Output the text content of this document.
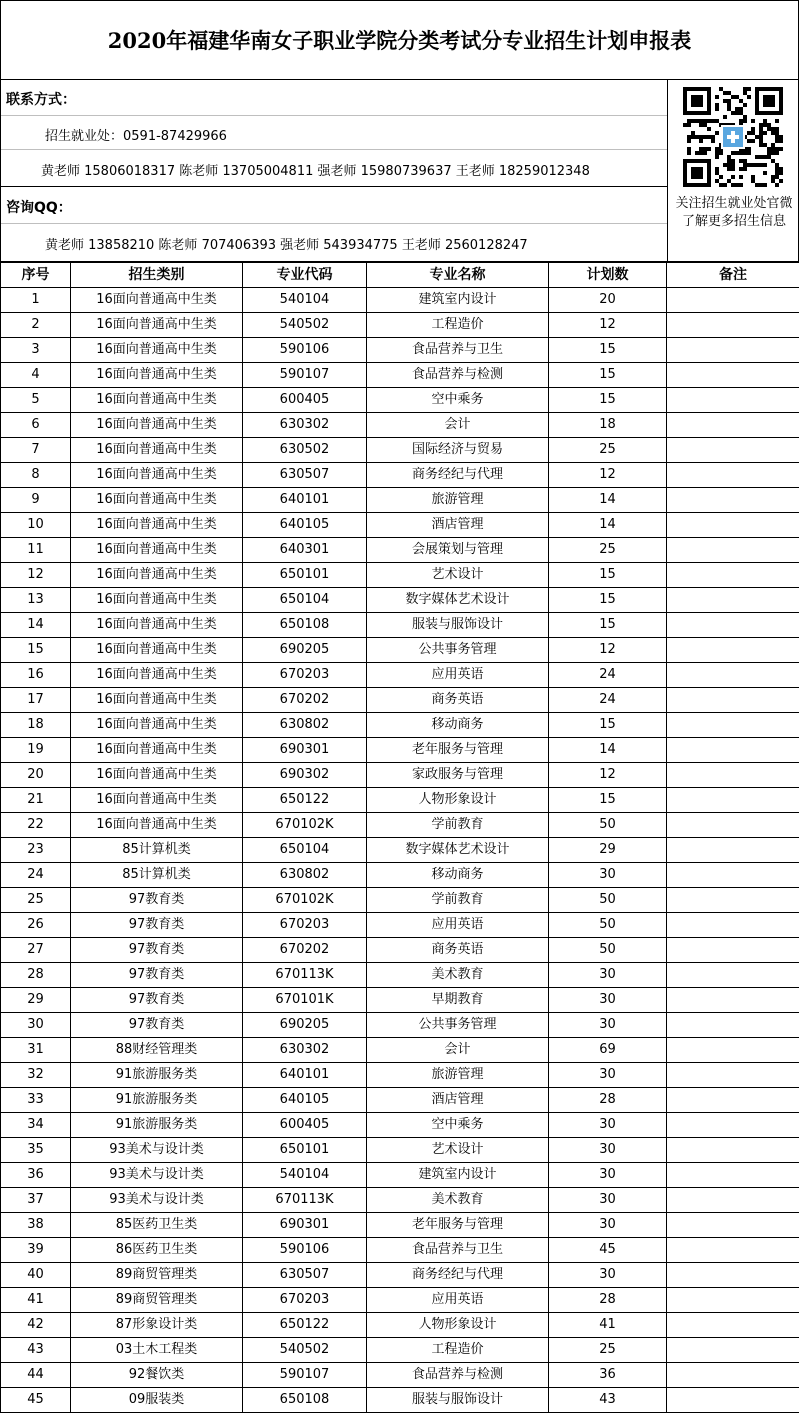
2020年福建华南女子职业学院分类考试分专业招生计划申报表
联系方式：
招生就业处：0591-87429966
黄老师 15806018317 陈老师 13705004811 强老师 15980739637 王老师 18259012348
咨询QQ：
黄老师 13858210 陈老师 707406393 强老师 543934775 王老师 2560128247
关注招生就业处官微了解更多招生信息
序号	招生类别	专业代码	专业名称	计划数	备注
1	16面向普通高中生类	540104	建筑室内设计	20	
2	16面向普通高中生类	540502	工程造价	12	
3	16面向普通高中生类	590106	食品营养与卫生	15	
4	16面向普通高中生类	590107	食品营养与检测	15	
5	16面向普通高中生类	600405	空中乘务	15	
6	16面向普通高中生类	630302	会计	18	
7	16面向普通高中生类	630502	国际经济与贸易	25	
8	16面向普通高中生类	630507	商务经纪与代理	12	
9	16面向普通高中生类	640101	旅游管理	14	
10	16面向普通高中生类	640105	酒店管理	14	
11	16面向普通高中生类	640301	会展策划与管理	25	
12	16面向普通高中生类	650101	艺术设计	15	
13	16面向普通高中生类	650104	数字媒体艺术设计	15	
14	16面向普通高中生类	650108	服装与服饰设计	15	
15	16面向普通高中生类	690205	公共事务管理	12	
16	16面向普通高中生类	670203	应用英语	24	
17	16面向普通高中生类	670202	商务英语	24	
18	16面向普通高中生类	630802	移动商务	15	
19	16面向普通高中生类	690301	老年服务与管理	14	
20	16面向普通高中生类	690302	家政服务与管理	12	
21	16面向普通高中生类	650122	人物形象设计	15	
22	16面向普通高中生类	670102K	学前教育	50	
23	85计算机类	650104	数字媒体艺术设计	29	
24	85计算机类	630802	移动商务	30	
25	97教育类	670102K	学前教育	50	
26	97教育类	670203	应用英语	50	
27	97教育类	670202	商务英语	50	
28	97教育类	670113K	美术教育	30	
29	97教育类	670101K	早期教育	30	
30	97教育类	690205	公共事务管理	30	
31	88财经管理类	630302	会计	69	
32	91旅游服务类	640101	旅游管理	30	
33	91旅游服务类	640105	酒店管理	28	
34	91旅游服务类	600405	空中乘务	30	
35	93美术与设计类	650101	艺术设计	30	
36	93美术与设计类	540104	建筑室内设计	30	
37	93美术与设计类	670113K	美术教育	30	
38	85医药卫生类	690301	老年服务与管理	30	
39	86医药卫生类	590106	食品营养与卫生	45	
40	89商贸管理类	630507	商务经纪与代理	30	
41	89商贸管理类	670203	应用英语	28	
42	87形象设计类	650122	人物形象设计	41	
43	03土木工程类	540502	工程造价	25	
44	92餐饮类	590107	食品营养与检测	36	
45	09服装类	650108	服装与服饰设计	43	
